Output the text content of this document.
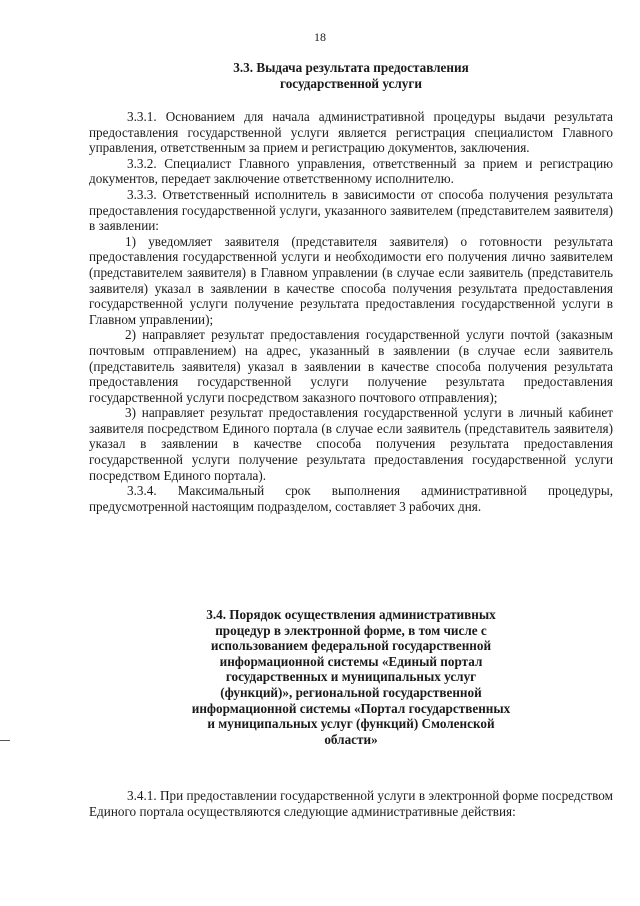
18

3.3. Выдача результата предоставления

государственной услуги

3.3.1. Основанием для начала административной процедуры выдачи результата предоставления государственной услуги является регистрация специалистом Главного управления, ответственным за прием и регистрацию документов, заключения.

3.3.2. Специалист Главного управления, ответственный за прием и регистрацию документов, передает заключение ответственному исполнителю.

3.3.3. Ответственный исполнитель в зависимости от способа получения результата предоставления государственной услуги, указанного заявителем (представителем заявителя) в заявлении:

1) уведомляет заявителя (представителя заявителя) о готовности результата предоставления государственной услуги и необходимости его получения лично заявителем (представителем заявителя) в Главном управлении (в случае если заявитель (представитель заявителя) указал в заявлении в качестве способа получения результата предоставления государственной услуги получение результата предоставления государственной услуги в Главном управлении);

2) направляет результат предоставления государственной услуги почтой (заказным почтовым отправлением) на адрес, указанный в заявлении (в случае если заявитель (представитель заявителя) указал в заявлении в качестве способа получения результата предоставления государственной услуги получение результата предоставления государственной услуги посредством заказного почтового отправления);

3) направляет результат предоставления государственной услуги в личный кабинет заявителя посредством Единого портала (в случае если заявитель (представитель заявителя) указал в заявлении в качестве способа получения результата предоставления государственной услуги получение результата предоставления государственной услуги посредством Единого портала).

3.3.4. Максимальный срок выполнения административной процедуры, предусмотренной настоящим подразделом, составляет 3 рабочих дня.

3.4. Порядок осуществления административных

процедур в электронной форме, в том числе с

использованием федеральной государственной

информационной системы «Единый портал

государственных и муниципальных услуг

(функций)», региональной государственной

информационной системы «Портал государственных

и муниципальных услуг (функций) Смоленской

области»

3.4.1. При предоставлении государственной услуги в электронной форме посредством Единого портала осуществляются следующие административные действия:
